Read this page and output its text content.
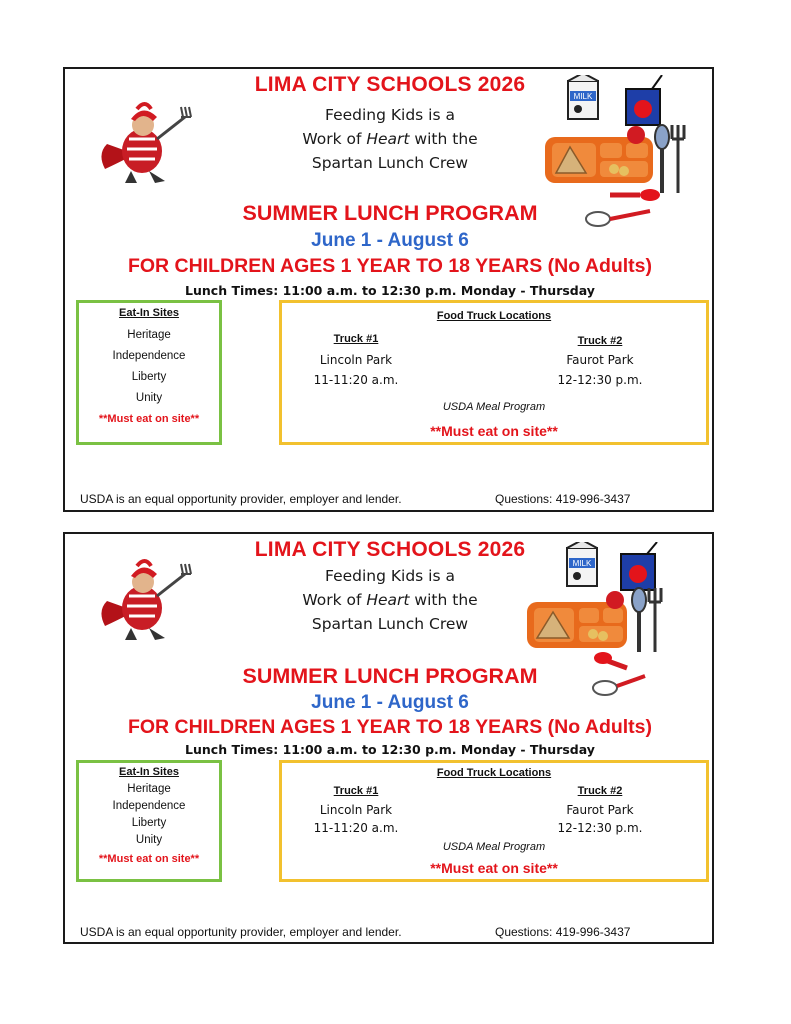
LIMA CITY SCHOOLS 2026
Feeding Kids is a
Work of Heart with the
Spartan Lunch Crew
MILK
SUMMER LUNCH PROGRAM
June 1 - August 6
FOR CHILDREN AGES 1 YEAR TO 18 YEARS (No Adults)
Lunch Times: 11:00 a.m. to 12:30 p.m. Monday - Thursday
Eat-In Sites
Heritage
Independence
Liberty
Unity
**Must eat on site**
Food Truck Locations
Truck #1
Lincoln Park
11-11:20 a.m.
Truck #2
Faurot Park
12-12:30 p.m.
USDA Meal Program
**Must eat on site**
USDA is an equal opportunity provider, employer and lender.	Questions: 419-996-3437
LIMA CITY SCHOOLS 2026
Feeding Kids is a
Work of Heart with the
Spartan Lunch Crew
MILK
SUMMER LUNCH PROGRAM
June 1 - August 6
FOR CHILDREN AGES 1 YEAR TO 18 YEARS (No Adults)
Lunch Times: 11:00 a.m. to 12:30 p.m. Monday - Thursday
Eat-In Sites
Heritage
Independence
Liberty
Unity
**Must eat on site**
Food Truck Locations
Truck #1
Lincoln Park
11-11:20 a.m.
Truck #2
Faurot Park
12-12:30 p.m.
USDA Meal Program
**Must eat on site**
USDA is an equal opportunity provider, employer and lender.	Questions: 419-996-3437
